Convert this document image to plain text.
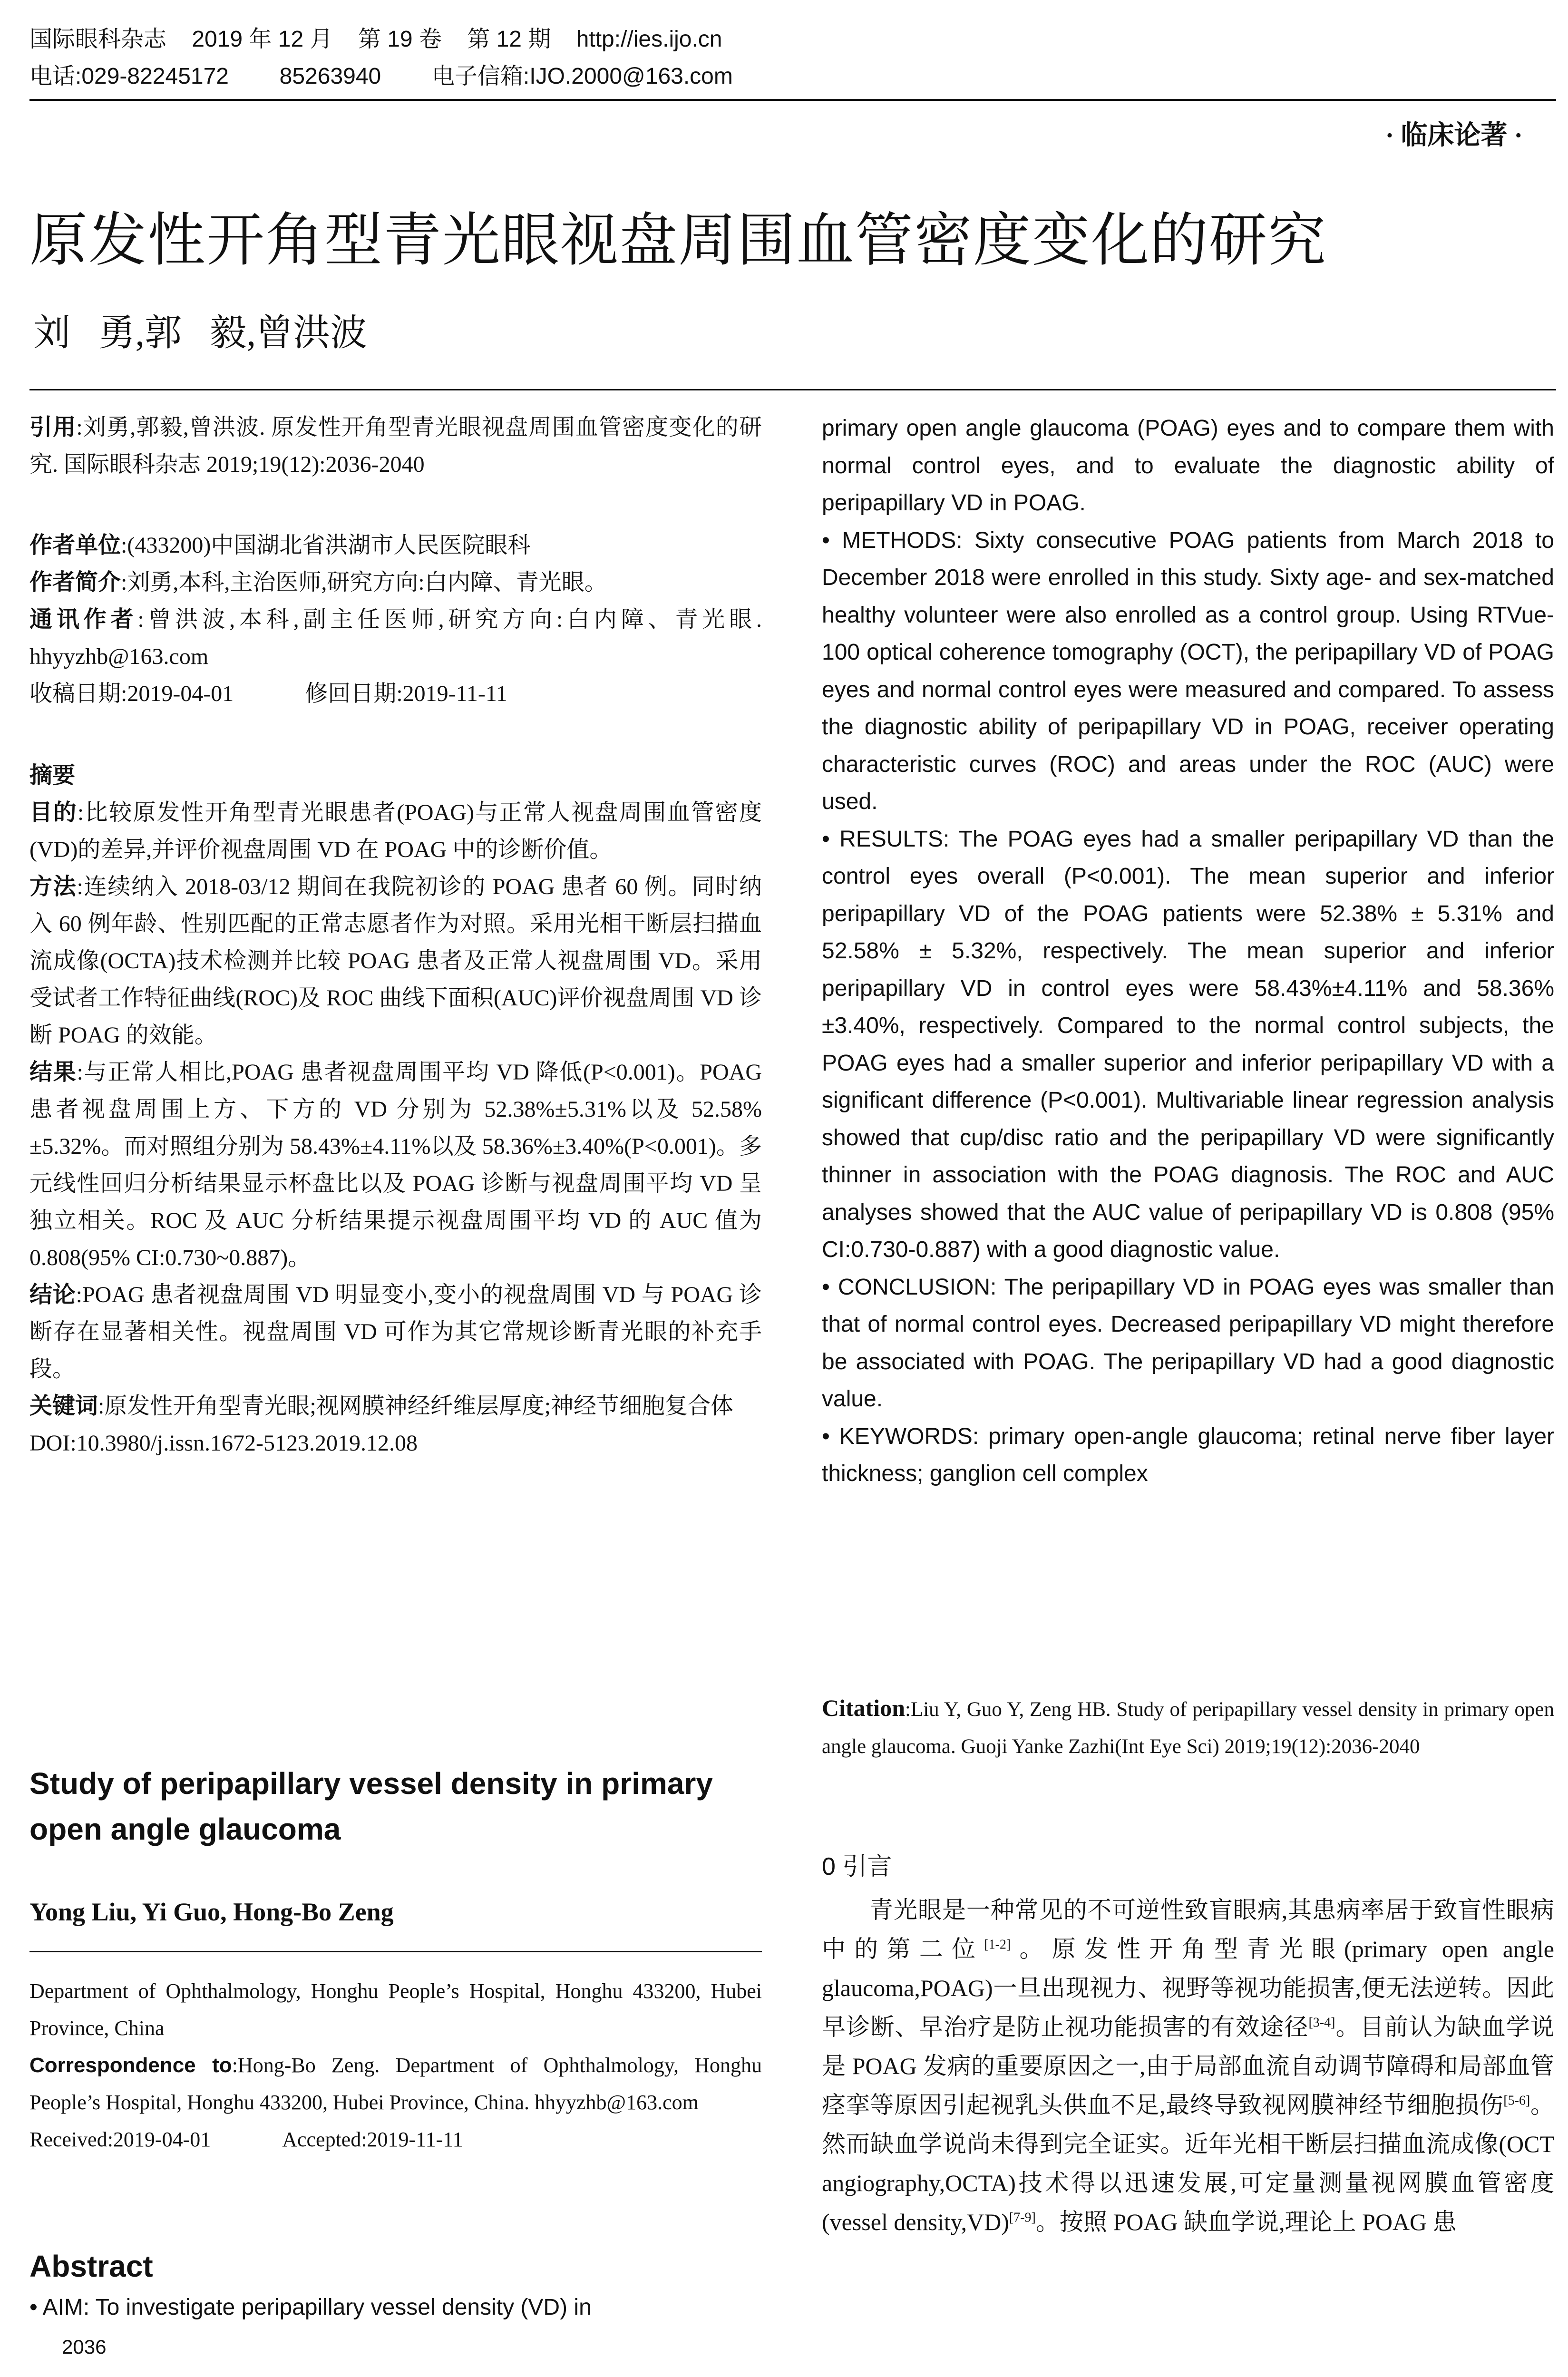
国际眼科杂志    2019 年 12 月    第 19 卷    第 12 期    http://ies.ijo.cn
电话:029-82245172        85263940        电子信箱:IJO.2000@163.com
· 临床论著 ·
原发性开角型青光眼视盘周围血管密度变化的研究
刘   勇,郭   毅,曾洪波

引用:刘勇,郭毅,曾洪波. 原发性开角型青光眼视盘周围血管密度变化的研究. 国际眼科杂志 2019;19(12):2036-2040

作者单位:(433200)中国湖北省洪湖市人民医院眼科

作者简介:刘勇,本科,主治医师,研究方向:白内障、青光眼。

通讯作者:曾洪波,本科,副主任医师,研究方向:白内障、青光眼. hhyyzhb@163.com

收稿日期:2019-04-01	修回日期:2019-11-11

摘要

目的:比较原发性开角型青光眼患者(POAG)与正常人视盘周围血管密度(VD)的差异,并评价视盘周围 VD 在 POAG 中的诊断价值。

方法:连续纳入 2018-03/12 期间在我院初诊的 POAG 患者 60 例。同时纳入 60 例年龄、性别匹配的正常志愿者作为对照。采用光相干断层扫描血流成像(OCTA)技术检测并比较 POAG 患者及正常人视盘周围 VD。采用受试者工作特征曲线(ROC)及 ROC 曲线下面积(AUC)评价视盘周围 VD 诊断 POAG 的效能。

结果:与正常人相比,POAG 患者视盘周围平均 VD 降低(P<0.001)。POAG 患者视盘周围上方、下方的 VD 分别为 52.38%±5.31%以及 52.58%±5.32%。而对照组分别为 58.43%±4.11%以及 58.36%±3.40%(P<0.001)。多元线性回归分析结果显示杯盘比以及 POAG 诊断与视盘周围平均 VD 呈独立相关。ROC 及 AUC 分析结果提示视盘周围平均 VD 的 AUC 值为 0.808(95% CI:0.730~0.887)。

结论:POAG 患者视盘周围 VD 明显变小,变小的视盘周围 VD 与 POAG 诊断存在显著相关性。视盘周围 VD 可作为其它常规诊断青光眼的补充手段。

关键词:原发性开角型青光眼;视网膜神经纤维层厚度;神经节细胞复合体

DOI:10.3980/j.issn.1672-5123.2019.12.08

Study of peripapillary vessel density in primary open angle glaucoma
Yong Liu, Yi Guo, Hong-Bo Zeng

Department of Ophthalmology, Honghu People’s Hospital, Honghu 433200, Hubei Province, China

Correspondence to:Hong-Bo Zeng. Department of Ophthalmology, Honghu People’s Hospital, Honghu 433200, Hubei Province, China. hhyyzhb@163.com

Received:2019-04-01	Accepted:2019-11-11

Abstract
• AIM: To investigate peripapillary vessel density (VD) in
2036

primary open angle glaucoma (POAG) eyes and to compare them with normal control eyes, and to evaluate the diagnostic ability of peripapillary VD in POAG.

• METHODS: Sixty consecutive POAG patients from March 2018 to December 2018 were enrolled in this study. Sixty age- and sex-matched healthy volunteer were also enrolled as a control group. Using RTVue-100 optical coherence tomography (OCT), the peripapillary VD of POAG eyes and normal control eyes were measured and compared. To assess the diagnostic ability of peripapillary VD in POAG, receiver operating characteristic curves (ROC) and areas under the ROC (AUC) were used.

• RESULTS: The POAG eyes had a smaller peripapillary VD than the control eyes overall (P<0.001). The mean superior and inferior peripapillary VD of the POAG patients were 52.38% ± 5.31% and 52.58% ± 5.32%, respectively. The mean superior and inferior peripapillary VD in control eyes were 58.43%±4.11% and 58.36%±3.40%, respectively. Compared to the normal control subjects, the POAG eyes had a smaller superior and inferior peripapillary VD with a significant difference (P<0.001). Multivariable linear regression analysis showed that cup/disc ratio and the peripapillary VD were significantly thinner in association with the POAG diagnosis. The ROC and AUC analyses showed that the AUC value of peripapillary VD is 0.808 (95% CI:0.730-0.887) with a good diagnostic value.

• CONCLUSION: The peripapillary VD in POAG eyes was smaller than that of normal control eyes. Decreased peripapillary VD might therefore be associated with POAG. The peripapillary VD had a good diagnostic value.

• KEYWORDS: primary open-angle glaucoma; retinal nerve fiber layer thickness; ganglion cell complex

Citation:Liu Y, Guo Y, Zeng HB. Study of peripapillary vessel density in primary open angle glaucoma. Guoji Yanke Zazhi(Int Eye Sci) 2019;19(12):2036-2040
0 引言
青光眼是一种常见的不可逆性致盲眼病,其患病率居于致盲性眼病中的第二位[1-2]。原发性开角型青光眼(primary open angle glaucoma,POAG)一旦出现视力、视野等视功能损害,便无法逆转。因此早诊断、早治疗是防止视功能损害的有效途径[3-4]。目前认为缺血学说是 POAG 发病的重要原因之一,由于局部血流自动调节障碍和局部血管痉挛等原因引起视乳头供血不足,最终导致视网膜神经节细胞损伤[5-6]。然而缺血学说尚未得到完全证实。近年光相干断层扫描血流成像(OCT angiography,OCTA)技术得以迅速发展,可定量测量视网膜血管密度(vessel density,VD)[7-9]。按照 POAG 缺血学说,理论上 POAG 患
